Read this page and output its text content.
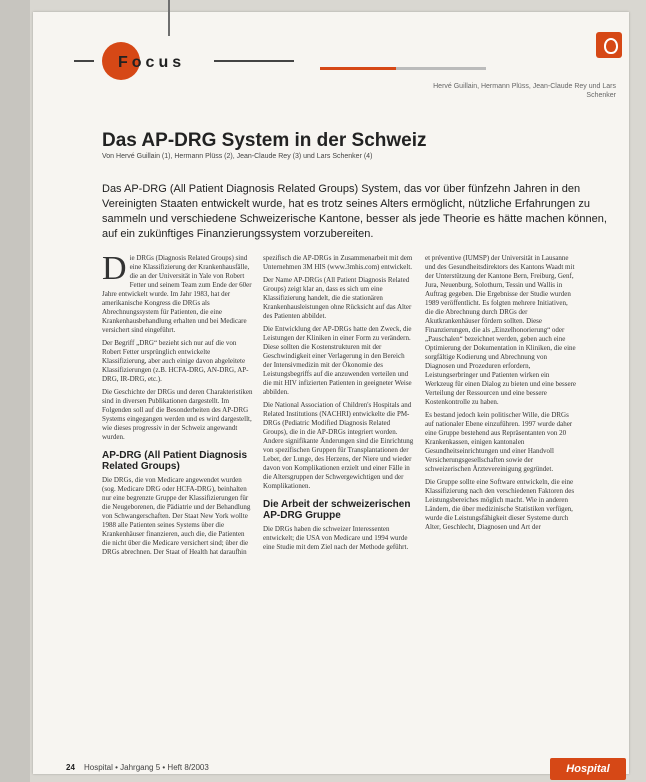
Focus
Hervé Guillain, Hermann Plüss, Jean-Claude Rey und Lars Schenker
Das AP-DRG System in der Schweiz
Von Hervé Guillain (1), Hermann Plüss (2), Jean-Claude Rey (3) und Lars Schenker (4)
Das AP-DRG (All Patient Diagnosis Related Groups) System, das vor über fünfzehn Jahren in den Vereinigten Staaten entwickelt wurde, hat es trotz seines Alters ermöglicht, nützliche Erfahrungen zu sammeln und verschiedene Schweizerische Kantone, besser als jede Theorie es hätte machen können, auf ein zukünftiges Finanzierungssystem vorzubereiten.

Die DRGs (Diagnosis Related Groups) sind eine Klassifizierung der Krankenhausfälle, die an der Universität in Yale von Robert Fetter und seinem Team zum Ende der 60er Jahre entwickelt wurde. Im Jahr 1983, hat der amerikanische Kongress die DRGs als Abrechnungssystem für Patienten, die eine Krankenhausbehandlung erhalten und bei Medicare versichert sind eingeführt.

Der Begriff „DRG“ bezieht sich nur auf die von Robert Fetter ursprünglich entwickelte Klassifizierung, aber auch einige davon abgeleitete Klassifizierungen (z.B. HCFA-DRG, AN-DRG, AP-DRG, IR-DRG, etc.).

Die Geschichte der DRGs und deren Charakteristiken sind in diversen Publikationen dargestellt. Im Folgenden soll auf die Besonderheiten des AP-DRG Systems eingegangen werden und es wird dargestellt, wie dieses progressiv in der Schweiz angewandt wurden.

AP-DRG (All Patient Diagnosis Related Groups)

Die DRGs, die von Medicare angewendet wurden (sog. Medicare DRG oder HCFA-DRG), beinhalten nur eine begrenzte Gruppe der Klassifizierungen für die Neugeborenen, die Pädiatrie und der Behandlung von Schwangerschaften. Der Staat New York wollte 1988 alle Patienten seines Systems über die Krankenhäuser finanzieren, auch die, die Patienten die nicht über die Medicare versichert sind; über die DRGs abrechnen. Der Staat of Health hat daraufhin

spezifisch die AP-DRGs in Zusammenarbeit mit dem Unternehmen 3M HIS (www.3mhis.com) entwickelt.

Der Name AP-DRGs (All Patient Diagnosis Related Groups) zeigt klar an, dass es sich um eine Klassifizierung handelt, die die stationären Krankenhausleistungen ohne Rücksicht auf das Alter des Patienten abbildet.

Die Entwicklung der AP-DRGs hatte den Zweck, die Leistungen der Kliniken in einer Form zu verändern. Diese sollten die Kostenstrukturen mit der Geschwindigkeit einer Verlagerung in den Bereich der Intensivmedizin mit der Ökonomie des Leistungsbegriffs auf die anzuwenden verteilen und die mit HIV infizierten Patienten in geeigneter Weise abbilden.

Die National Association of Children's Hospitals and Related Institutions (NACHRI) entwickelte die PM-DRGs (Pediatric Modified Diagnosis Related Groups), die in die AP-DRGs integriert worden. Andere signifikante Änderungen sind die Einrichtung von spezifischen Gruppen für Transplantationen der Leber, der Lunge, des Herzens, der Niere und wieder davon von Komplikationen erzielt und einer Fälle in die Altersgruppen der Schwergewichtigen und der Komplikationen.

Die Arbeit der schweizerischen AP-DRG Gruppe

Die DRGs haben die schweizer Interessenten entwickelt; die USA von Medicare und 1994 wurde eine Studie mit dem Ziel nach der Methode geführt.

et préventive (IUMSP) der Universität in Lausanne und des Gesundheitsdirektors des Kantons Waadt mit der Unterstützung der Kantone Bern, Freiburg, Genf, Jura, Neuenburg, Solothurn, Tessin und Wallis in Auftrag gegeben. Die Ergebnisse der Studie wurden 1989 veröffentlicht. Es folgten mehrere Initiativen, die die Abrechnung durch DRGs der Akutkrankenhäuser fördern sollten. Diese Finanzierungen, die als „Einzelhonorierung“ oder „Pauschalen“ bezeichnet werden, geben auch eine Optimierung der Dokumentation in Kliniken, die eine sorgfältige Kodierung und Abrechnung von Diagnosen und Prozeduren erfordern, Leistungserbringer und Patienten wirken ein Werkzeug für einen Dialog zu bieten und eine bessere Verteilung der Ressourcen und eine bessere Kostenkontrolle zu haben.

Es bestand jedoch kein politischer Wille, die DRGs auf nationaler Ebene einzuführen. 1997 wurde daher eine Gruppe bestehend aus Repräsentanten von 20 Krankenkassen, einigen kantonalen Gesundheitseinrichtungen und einer Handvoll Versicherungsgesellschaften sowie der schweizerischen Ärztevereinigung gegründet.

Die Gruppe sollte eine Software entwickeln, die eine Klassifizierung nach den verschiedenen Faktoren des Leistungsbereiches möglich macht. Wie in anderen Ländern, die über medizinische Statistiken verfügen, wurde die Leistungsfähigkeit dieser Systeme durch Alter, Geschlecht, Diagnosen und Art der

24 Hospital • Jahrgang 5 • Heft 8/2003	Hospital
